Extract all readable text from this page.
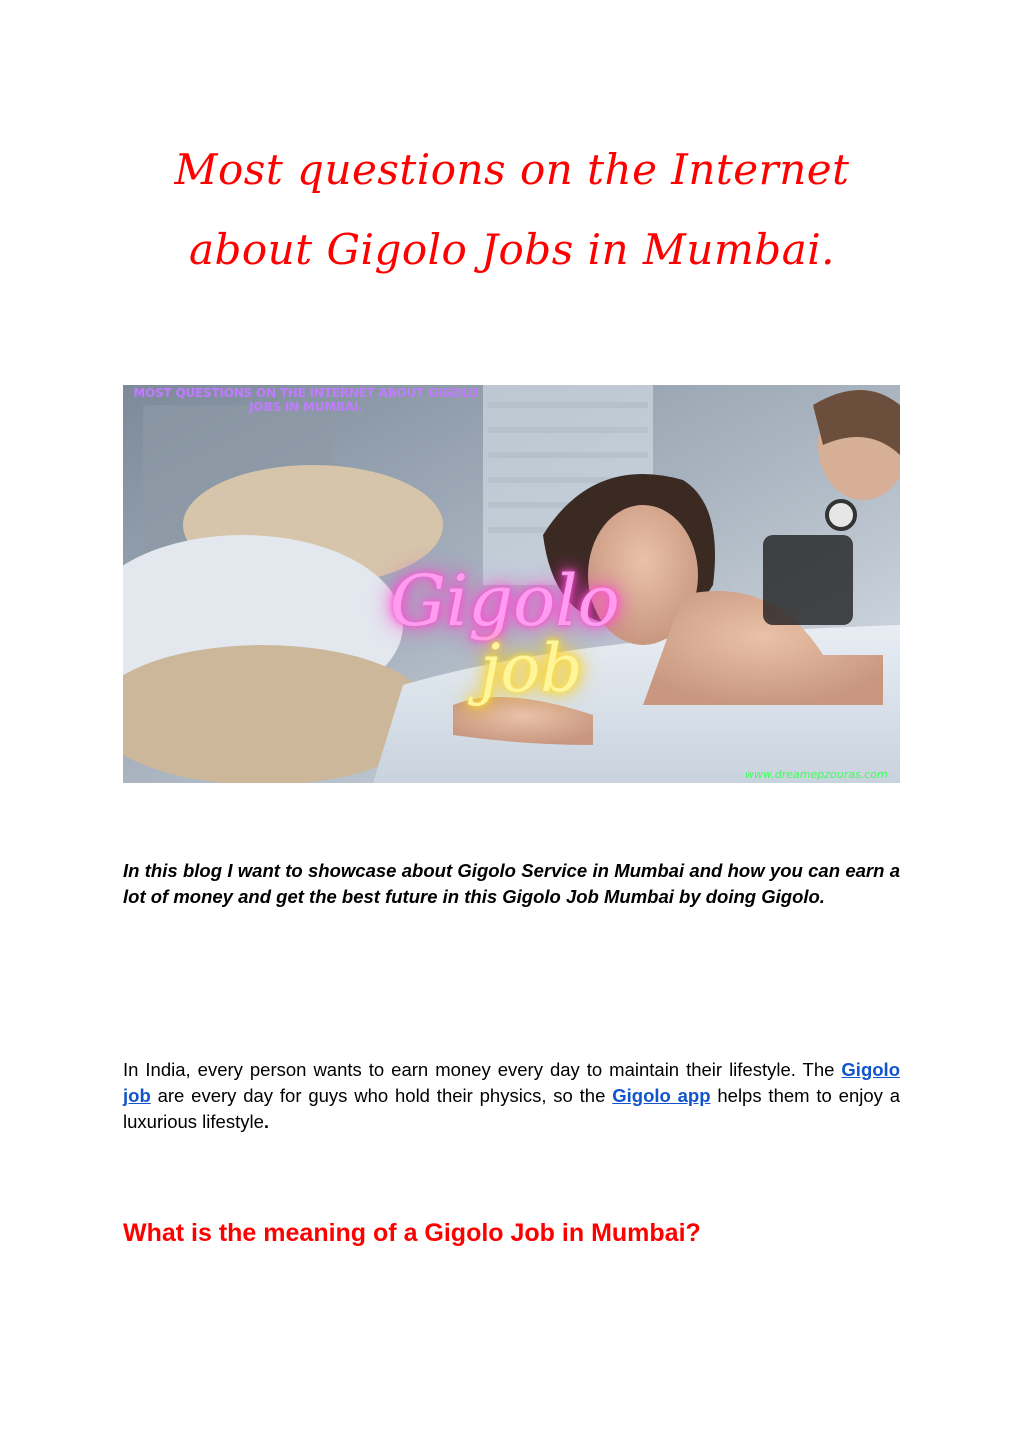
Most questions on the Internet
about Gigolo Jobs in Mumbai.
MOST QUESTIONS ON THE INTERNET ABOUT GIGOLO JOBS IN MUMBAI.
Gigolo
job
www.dreamepzouras.com
In this blog I want to showcase about Gigolo Service in Mumbai and how you can earn a lot of money and get the best future in this Gigolo Job Mumbai by doing Gigolo.
In India, every person wants to earn money every day to maintain their lifestyle. The Gigolo job are every day for guys who hold their physics, so the Gigolo app helps them to enjoy a luxurious lifestyle.
What is the meaning of a Gigolo Job in Mumbai?
